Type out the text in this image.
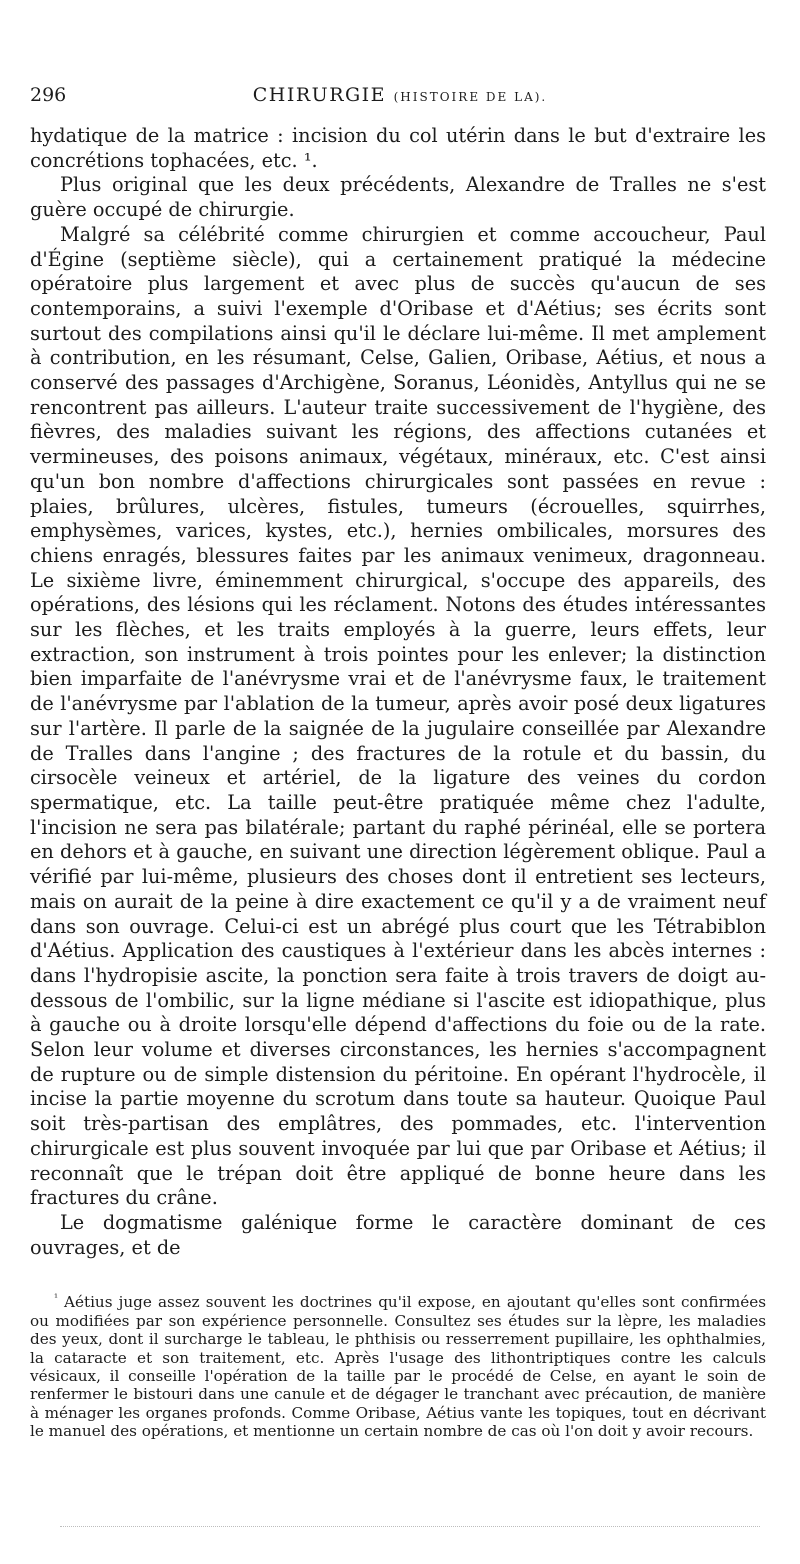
296	CHIRURGIE (HISTOIRE DE LA).

hydatique de la matrice : incision du col utérin dans le but d'extraire les concrétions tophacées, etc. ¹.

Plus original que les deux précédents, Alexandre de Tralles ne s'est guère occupé de chirurgie.

Malgré sa célébrité comme chirurgien et comme accoucheur, Paul d'Égine (septième siècle), qui a certainement pratiqué la médecine opératoire plus largement et avec plus de succès qu'aucun de ses contemporains, a suivi l'exemple d'Oribase et d'Aétius; ses écrits sont surtout des compilations ainsi qu'il le déclare lui-même. Il met amplement à contribution, en les résumant, Celse, Galien, Oribase, Aétius, et nous a conservé des passages d'Archigène, Soranus, Léonidès, Antyllus qui ne se rencontrent pas ailleurs. L'auteur traite successivement de l'hygiène, des fièvres, des maladies suivant les régions, des affections cutanées et vermineuses, des poisons animaux, végétaux, minéraux, etc. C'est ainsi qu'un bon nombre d'affections chirurgicales sont passées en revue : plaies, brûlures, ulcères, fistules, tumeurs (écrouelles, squirrhes, emphysèmes, varices, kystes, etc.), hernies ombilicales, morsures des chiens enragés, blessures faites par les animaux venimeux, dragonneau. Le sixième livre, éminemment chirurgical, s'occupe des appareils, des opérations, des lésions qui les réclament. Notons des études intéressantes sur les flèches, et les traits employés à la guerre, leurs effets, leur extraction, son instrument à trois pointes pour les enlever; la distinction bien imparfaite de l'anévrysme vrai et de l'anévrysme faux, le traitement de l'anévrysme par l'ablation de la tumeur, après avoir posé deux ligatures sur l'artère. Il parle de la saignée de la jugulaire conseillée par Alexandre de Tralles dans l'angine ; des fractures de la rotule et du bassin, du cirsocèle veineux et artériel, de la ligature des veines du cordon spermatique, etc. La taille peut-être pratiquée même chez l'adulte, l'incision ne sera pas bilatérale; partant du raphé périnéal, elle se portera en dehors et à gauche, en suivant une direction légèrement oblique. Paul a vérifié par lui-même, plusieurs des choses dont il entretient ses lecteurs, mais on aurait de la peine à dire exactement ce qu'il y a de vraiment neuf dans son ouvrage. Celui-ci est un abrégé plus court que les Tétrabiblon d'Aétius. Application des caustiques à l'extérieur dans les abcès internes : dans l'hydropisie ascite, la ponction sera faite à trois travers de doigt au-dessous de l'ombilic, sur la ligne médiane si l'ascite est idiopathique, plus à gauche ou à droite lorsqu'elle dépend d'affections du foie ou de la rate. Selon leur volume et diverses circonstances, les hernies s'accompagnent de rupture ou de simple distension du péritoine. En opérant l'hydrocèle, il incise la partie moyenne du scrotum dans toute sa hauteur. Quoique Paul soit très-partisan des emplâtres, des pommades, etc. l'intervention chirurgicale est plus souvent invoquée par lui que par Oribase et Aétius; il reconnaît que le trépan doit être appliqué de bonne heure dans les fractures du crâne.

Le dogmatisme galénique forme le caractère dominant de ces ouvrages, et de

$^{^1}$ Aétius juge assez souvent les doctrines qu'il expose, en ajoutant qu'elles sont confirmées ou modifiées par son expérience personnelle. Consultez ses études sur la lèpre, les maladies des yeux, dont il surcharge le tableau, le phthisis ou resserrement pupillaire, les ophthalmies, la cataracte et son traitement, etc. Après l'usage des lithontriptiques contre les calculs vésicaux, il conseille l'opération de la taille par le procédé de Celse, en ayant le soin de renfermer le bistouri dans une canule et de dégager le tranchant avec précaution, de manière à ménager les organes profonds. Comme Oribase, Aétius vante les topiques, tout en décrivant le manuel des opérations, et mentionne un certain nombre de cas où l'on doit y avoir recours.
